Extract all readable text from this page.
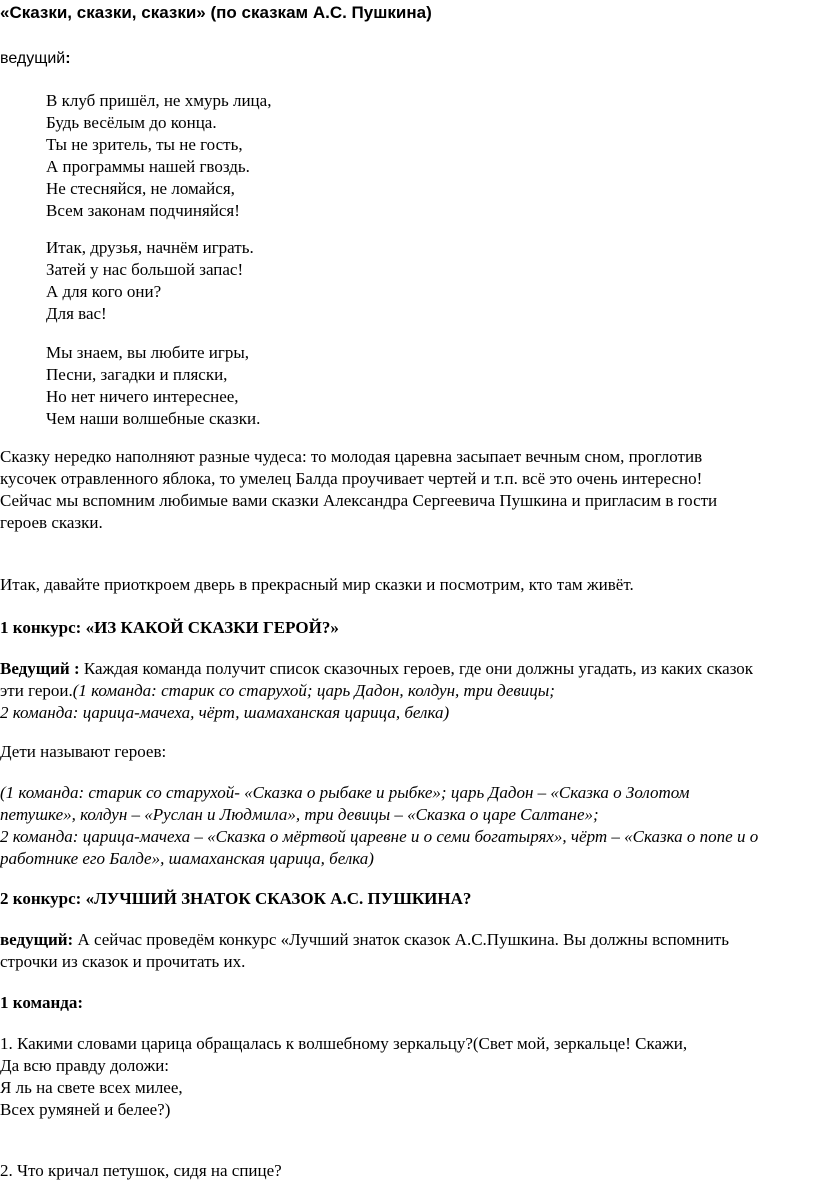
«Сказки, сказки, сказки» (по сказкам А.С. Пушкина)
ведущий:
В клуб пришёл, не хмурь лица,
Будь весёлым до конца.
Ты не зритель, ты не гость,
А программы нашей гвоздь.
Не стесняйся, не ломайся,
Всем законам подчиняйся!
Итак, друзья, начнём играть.
Затей у нас большой запас!
А для кого они?
Для вас!
Мы знаем, вы любите игры,
Песни, загадки и пляски,
Но нет ничего интереснее,
Чем наши волшебные сказки.
Сказку нередко наполняют разные чудеса: то молодая царевна засыпает вечным сном, проглотив
кусочек отравленного яблока, то умелец Балда проучивает чертей и т.п. всё это очень интересно!
Сейчас мы вспомним любимые вами сказки Александра Сергеевича Пушкина и пригласим в гости
героев сказки.
Итак, давайте приоткроем дверь в прекрасный мир сказки и посмотрим, кто там живёт.
1 конкурс: «ИЗ КАКОЙ СКАЗКИ ГЕРОЙ?»
Ведущий : Каждая команда получит список сказочных героев, где они должны угадать, из каких сказок
эти герои.(1 команда: старик со старухой; царь Дадон, колдун, три девицы;
2 команда: царица-мачеха, чёрт, шамаханская царица, белка)
Дети называют героев:
(1 команда: старик со старухой- «Сказка о рыбаке и рыбке»; царь Дадон – «Сказка о Золотом
петушке», колдун – «Руслан и Людмила», три девицы – «Сказка о царе Салтане»;
2 команда: царица-мачеха – «Сказка о мёртвой царевне и о семи богатырях», чёрт – «Сказка о попе и о
работнике его Балде», шамаханская царица, белка)
2 конкурс: «ЛУЧШИЙ ЗНАТОК СКАЗОК А.С. ПУШКИНА?
ведущий: А сейчас проведём конкурс «Лучший знаток сказок А.С.Пушкина. Вы должны вспомнить
строчки из сказок и прочитать их.
1 команда:
1. Какими словами царица обращалась к волшебному зеркальцу?(Свет мой, зеркальце! Скажи,
Да всю правду доложи:
Я ль на свете всех милее,
Всех румяней и белее?)
2. Что кричал петушок, сидя на спице?
